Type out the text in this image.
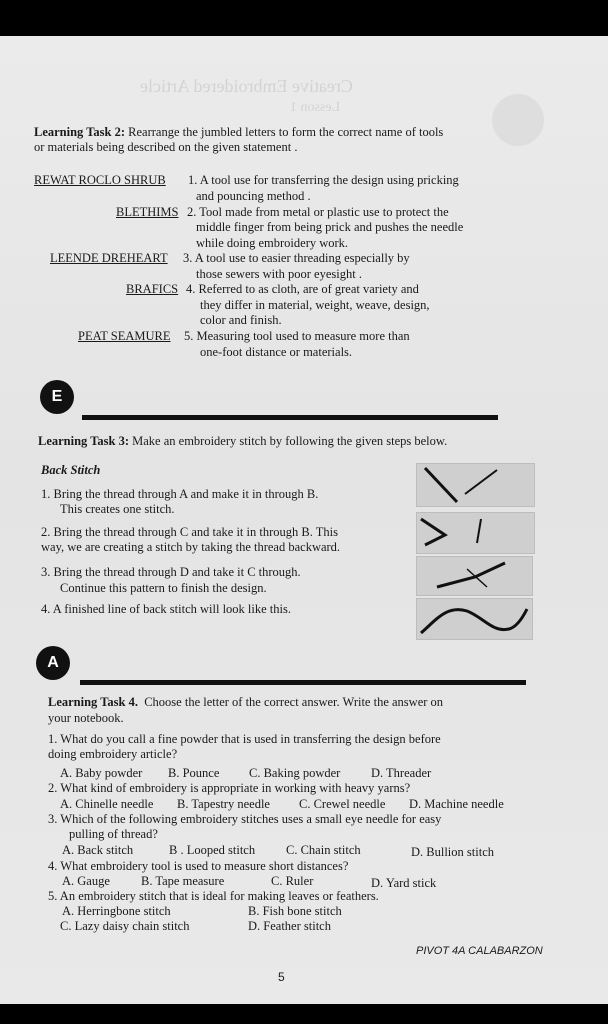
Creative Embroidered Article
Lesson 1
Learning Task 2: Rearrange the jumbled letters to form the correct name of tools
or materials being described on the given statement .
REWAT ROCLO SHRUB 1. A tool use for transferring the design using pricking
and pouncing method .
BLETHIMS 2. Tool made from metal or plastic use to protect the
middle finger from being prick and pushes the needle
while doing embroidery work.
LEENDE DREHEART 3. A tool use to easier threading especially by
those sewers with poor eyesight .
BRAFICS 4. Referred to as cloth, are of great variety and
they differ in material, weight, weave, design,
color and finish.
PEAT SEAMURE 5. Measuring tool used to measure more than
one-foot distance or materials.
E
Learning Task 3: Make an embroidery stitch by following the given steps below.
Back Stitch
1. Bring the thread through A and make it in through B.
This creates one stitch.
2. Bring the thread through C and take it in through B. This
way, we are creating a stitch by taking the thread backward.
3. Bring the thread through D and take it C through.
Continue this pattern to finish the design.
4. A finished line of back stitch will look like this.
A
Learning Task 4. Choose the letter of the correct answer. Write the answer on
your notebook.
1. What do you call a fine powder that is used in transferring the design before
doing embroidery article?
A. Baby powder B. Pounce C. Baking powder D. Threader
2. What kind of embroidery is appropriate in working with heavy yarns?
A. Chinelle needle B. Tapestry needle C. Crewel needle D. Machine needle
3. Which of the following embroidery stitches uses a small eye needle for easy
pulling of thread?
A. Back stitch	B . Looped stitch C. Chain stitch	D. Bullion stitch
4. What embroidery tool is used to measure short distances?
A. Gauge B. Tape measure	C. Ruler	D. Yard stick
5. An embroidery stitch that is ideal for making leaves or feathers.
A. Herringbone stitch	B. Fish bone stitch
C. Lazy daisy chain stitch	D. Feather stitch
PIVOT 4A CALABARZON
5
